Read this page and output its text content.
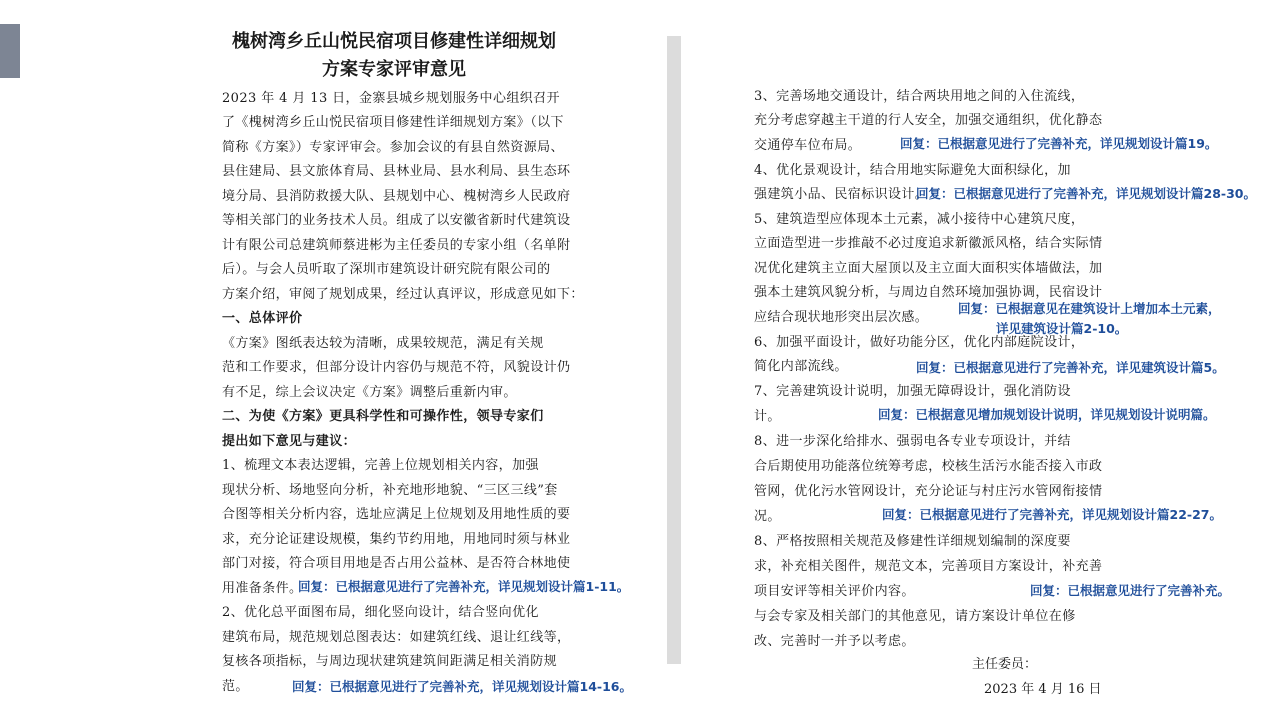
槐树湾乡丘山悦民宿项目修建性详细规划
方案专家评审意见
2023 年 4 月 13 日，金寨县城乡规划服务中心组织召开
了《槐树湾乡丘山悦民宿项目修建性详细规划方案》（以下
简称《方案》）专家评审会。参加会议的有县自然资源局、
县住建局、县文旅体育局、县林业局、县水利局、县生态环
境分局、县消防救援大队、县规划中心、槐树湾乡人民政府
等相关部门的业务技术人员。组成了以安徽省新时代建筑设
计有限公司总建筑师蔡进彬为主任委员的专家小组（名单附
后）。与会人员听取了深圳市建筑设计研究院有限公司的
方案介绍，审阅了规划成果，经过认真评议，形成意见如下：
一、总体评价
《方案》图纸表达较为清晰，成果较规范，满足有关规
范和工作要求，但部分设计内容仍与规范不符，风貌设计仍
有不足，综上会议决定《方案》调整后重新内审。
二、为使《方案》更具科学性和可操作性，领导专家们
提出如下意见与建议：
1、梳理文本表达逻辑，完善上位规划相关内容，加强
现状分析、场地竖向分析，补充地形地貌、“三区三线”套
合图等相关分析内容，选址应满足上位规划及用地性质的要
求，充分论证建设规模，集约节约用地，用地同时须与林业
部门对接，符合项目用地是否占用公益林、是否符合林地使
用准备条件。
回复：已根据意见进行了完善补充，详见规划设计篇1-11。
2、优化总平面图布局，细化竖向设计，结合竖向优化
建筑布局，规范规划总图表达：如建筑红线、退让红线等，
复核各项指标，与周边现状建筑建筑间距满足相关消防规
范。	回复：已根据意见进行了完善补充，详见规划设计篇14-16。
3、完善场地交通设计，结合两块用地之间的入住流线，
充分考虑穿越主干道的行人安全，加强交通组织，优化静态
交通停车位布局。	回复：已根据意见进行了完善补充，详见规划设计篇19。
4、优化景观设计，结合用地实际避免大面积绿化，加
强建筑小品、民宿标识设计。
回复：已根据意见进行了完善补充，详见规划设计篇28-30。
5、建筑造型应体现本土元素，减小接待中心建筑尺度，
立面造型进一步推敲不必过度追求新徽派风格，结合实际情
况优化建筑主立面大屋顶以及主立面大面积实体墙做法，加
强本土建筑风貌分析，与周边自然环境加强协调，民宿设计
回复：已根据意见在建筑设计上增加本土元素，
应结合现状地形突出层次感。
详见建筑设计篇2-10。
6、加强平面设计，做好功能分区，优化内部庭院设计，
简化内部流线。	回复：已根据意见进行了完善补充，详见建筑设计篇5。
7、完善建筑设计说明，加强无障碍设计，强化消防设
计。	回复：已根据意见增加规划设计说明，详见规划设计说明篇。
8、进一步深化给排水、强弱电各专业专项设计，并结
合后期使用功能落位统筹考虑，校核生活污水能否接入市政
管网，优化污水管网设计，充分论证与村庄污水管网衔接情
况。	回复：已根据意见进行了完善补充，详见规划设计篇22-27。
8、严格按照相关规范及修建性详细规划编制的深度要
求，补充相关图件，规范文本，完善项目方案设计，补充善
项目安评等相关评价内容。	回复：已根据意见进行了完善补充。
与会专家及相关部门的其他意见，请方案设计单位在修
改、完善时一并予以考虑。
主任委员：
2023 年 4 月 16 日
